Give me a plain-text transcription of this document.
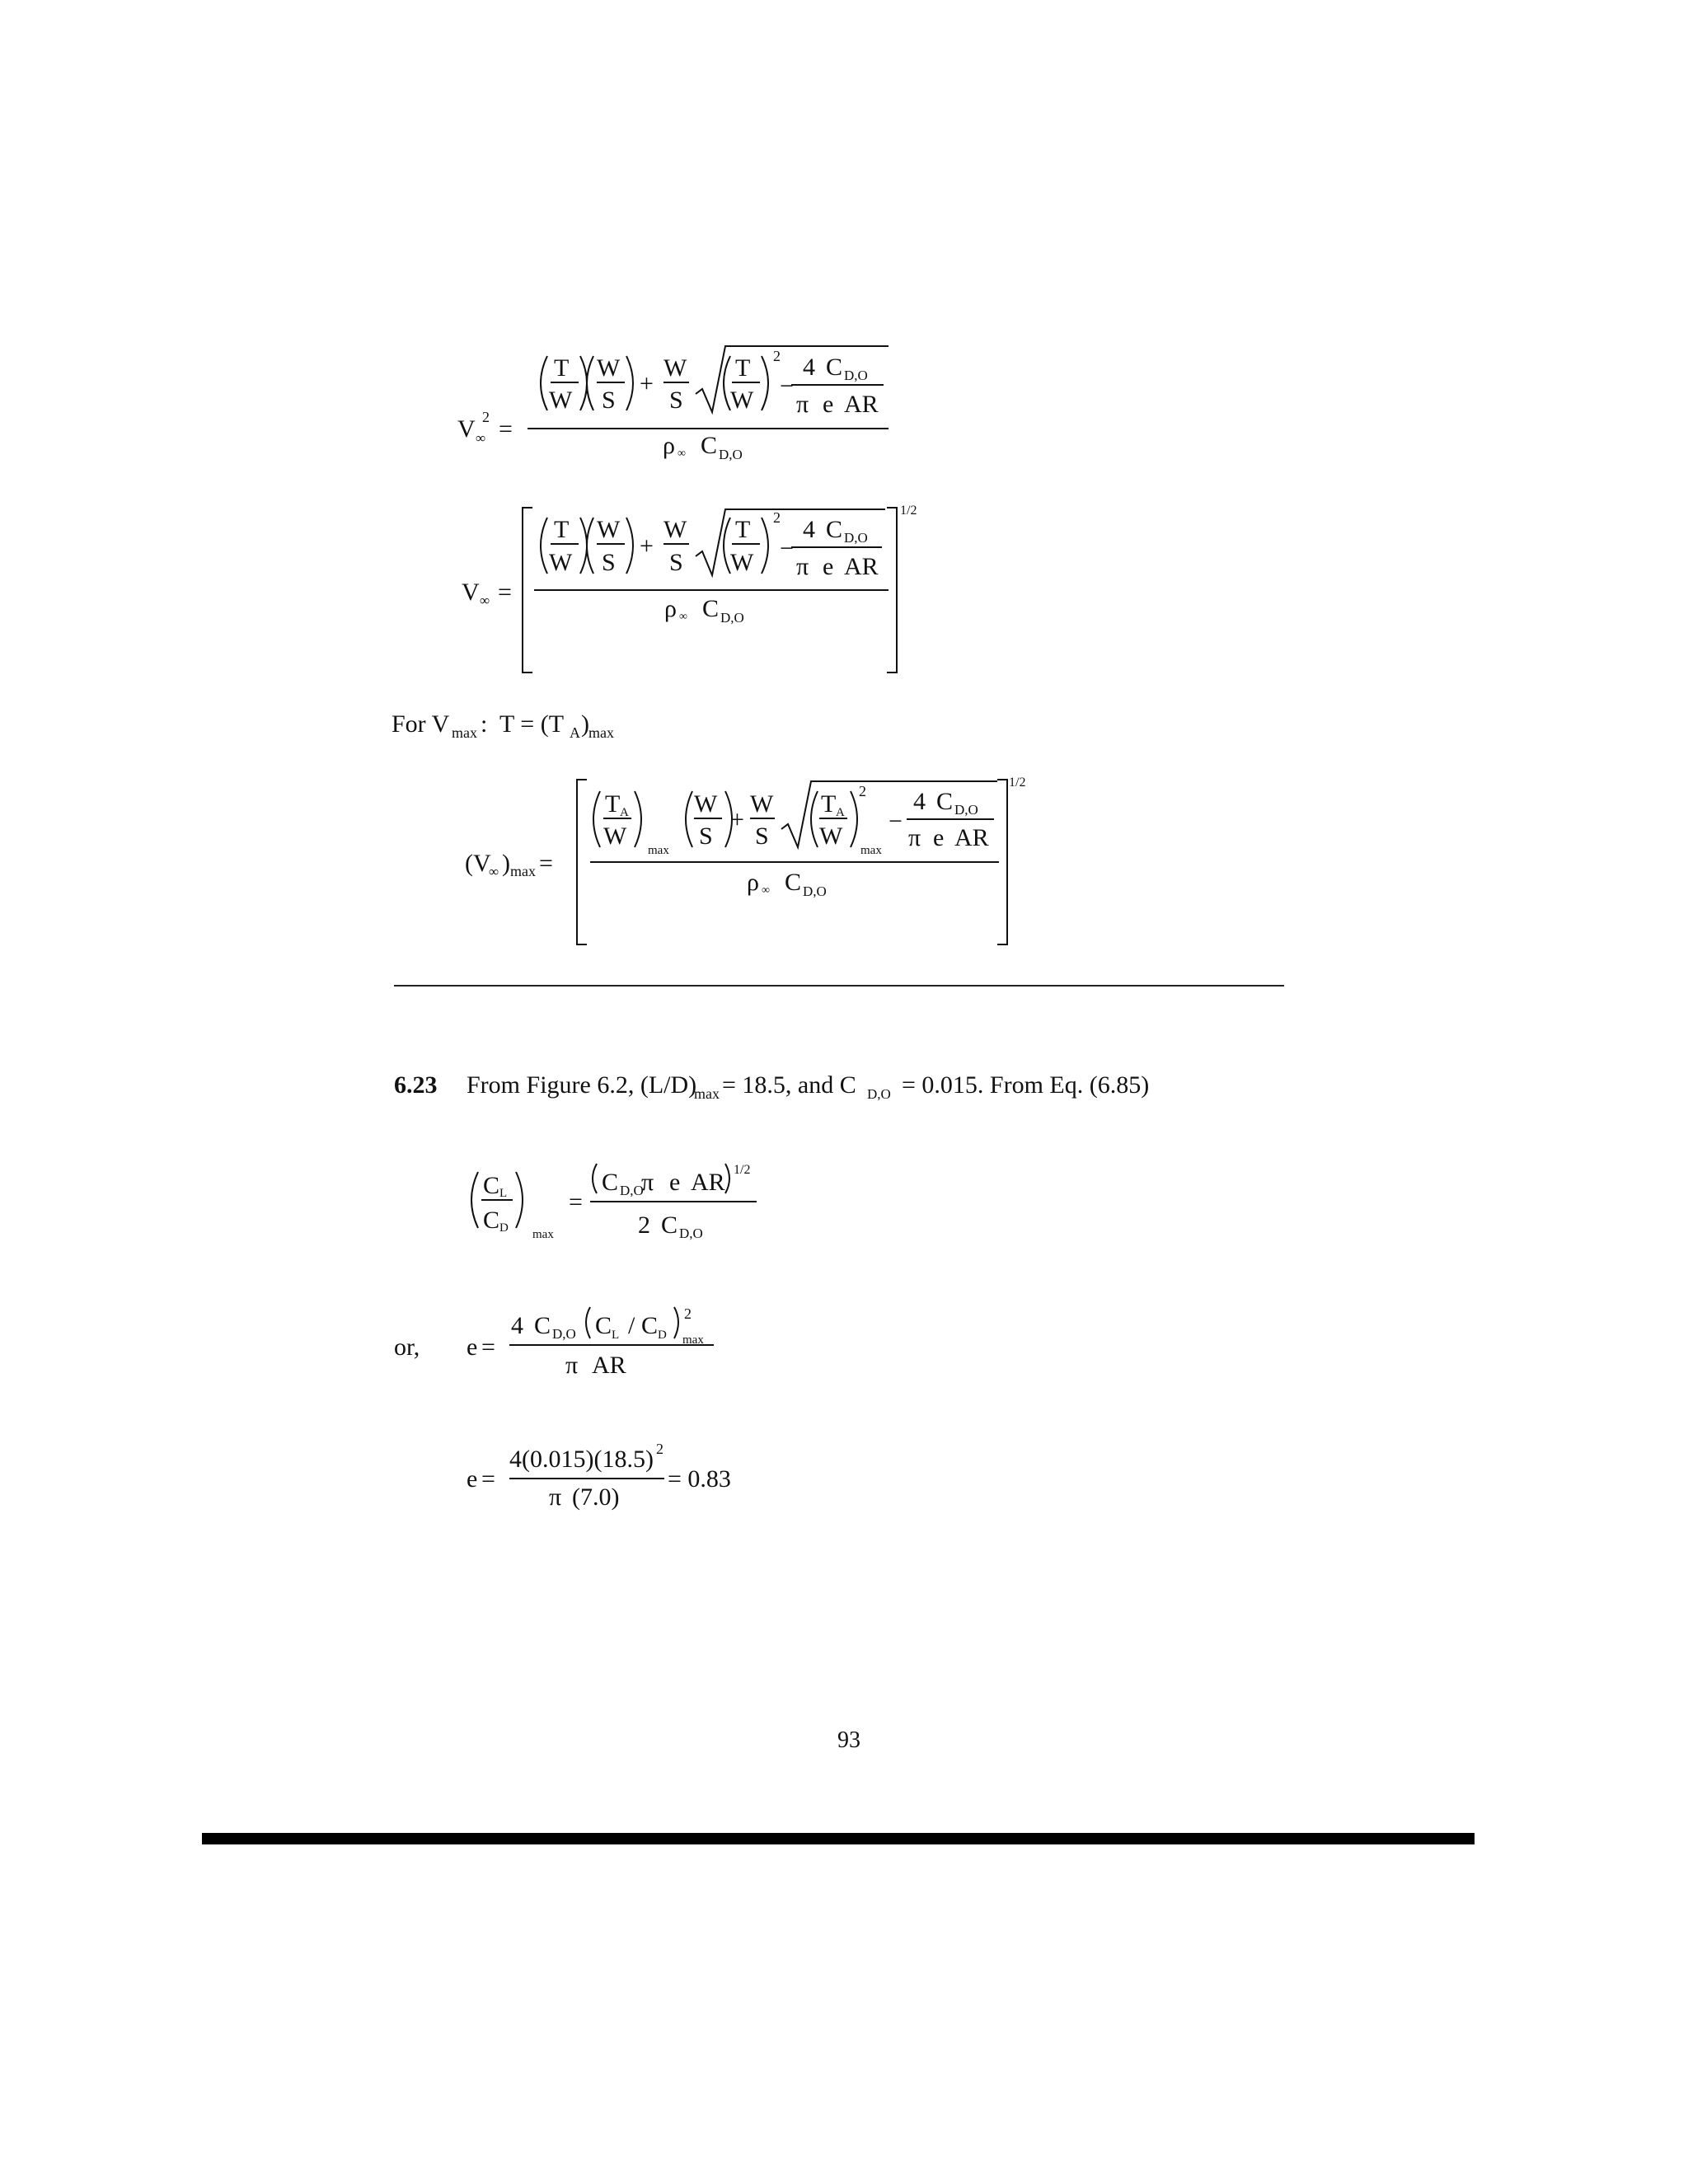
V ∞
2 =
T
W
W
S
+
W
S
T
W
2
−
4 C D,O
π e AR
ρ ∞ C D,O
V ∞ =
1/2
T
W
W
S
+
W
S
T
W
2
−
4 C D,O
π e AR
ρ ∞ C D,O
For V max : T = (T A ) max
(V
∞ ) max =
1/2
T A
W
max
W
S
+
W
S
T A
W
2
max
−
4 C D,O
π e AR
ρ ∞ C D,O
6.23 From Figure 6.2, (L/D)
max = 18.5, and C D,O = 0.015. From Eq. (6.85)
C L
C D max
=
C D,O
π e AR 1/2
2 C D,O
or, e =
4 C D,O C L / C D
2
max
π AR
e =
4(0.015)(18.5) 2
π (7.0)
= 0.83
93
